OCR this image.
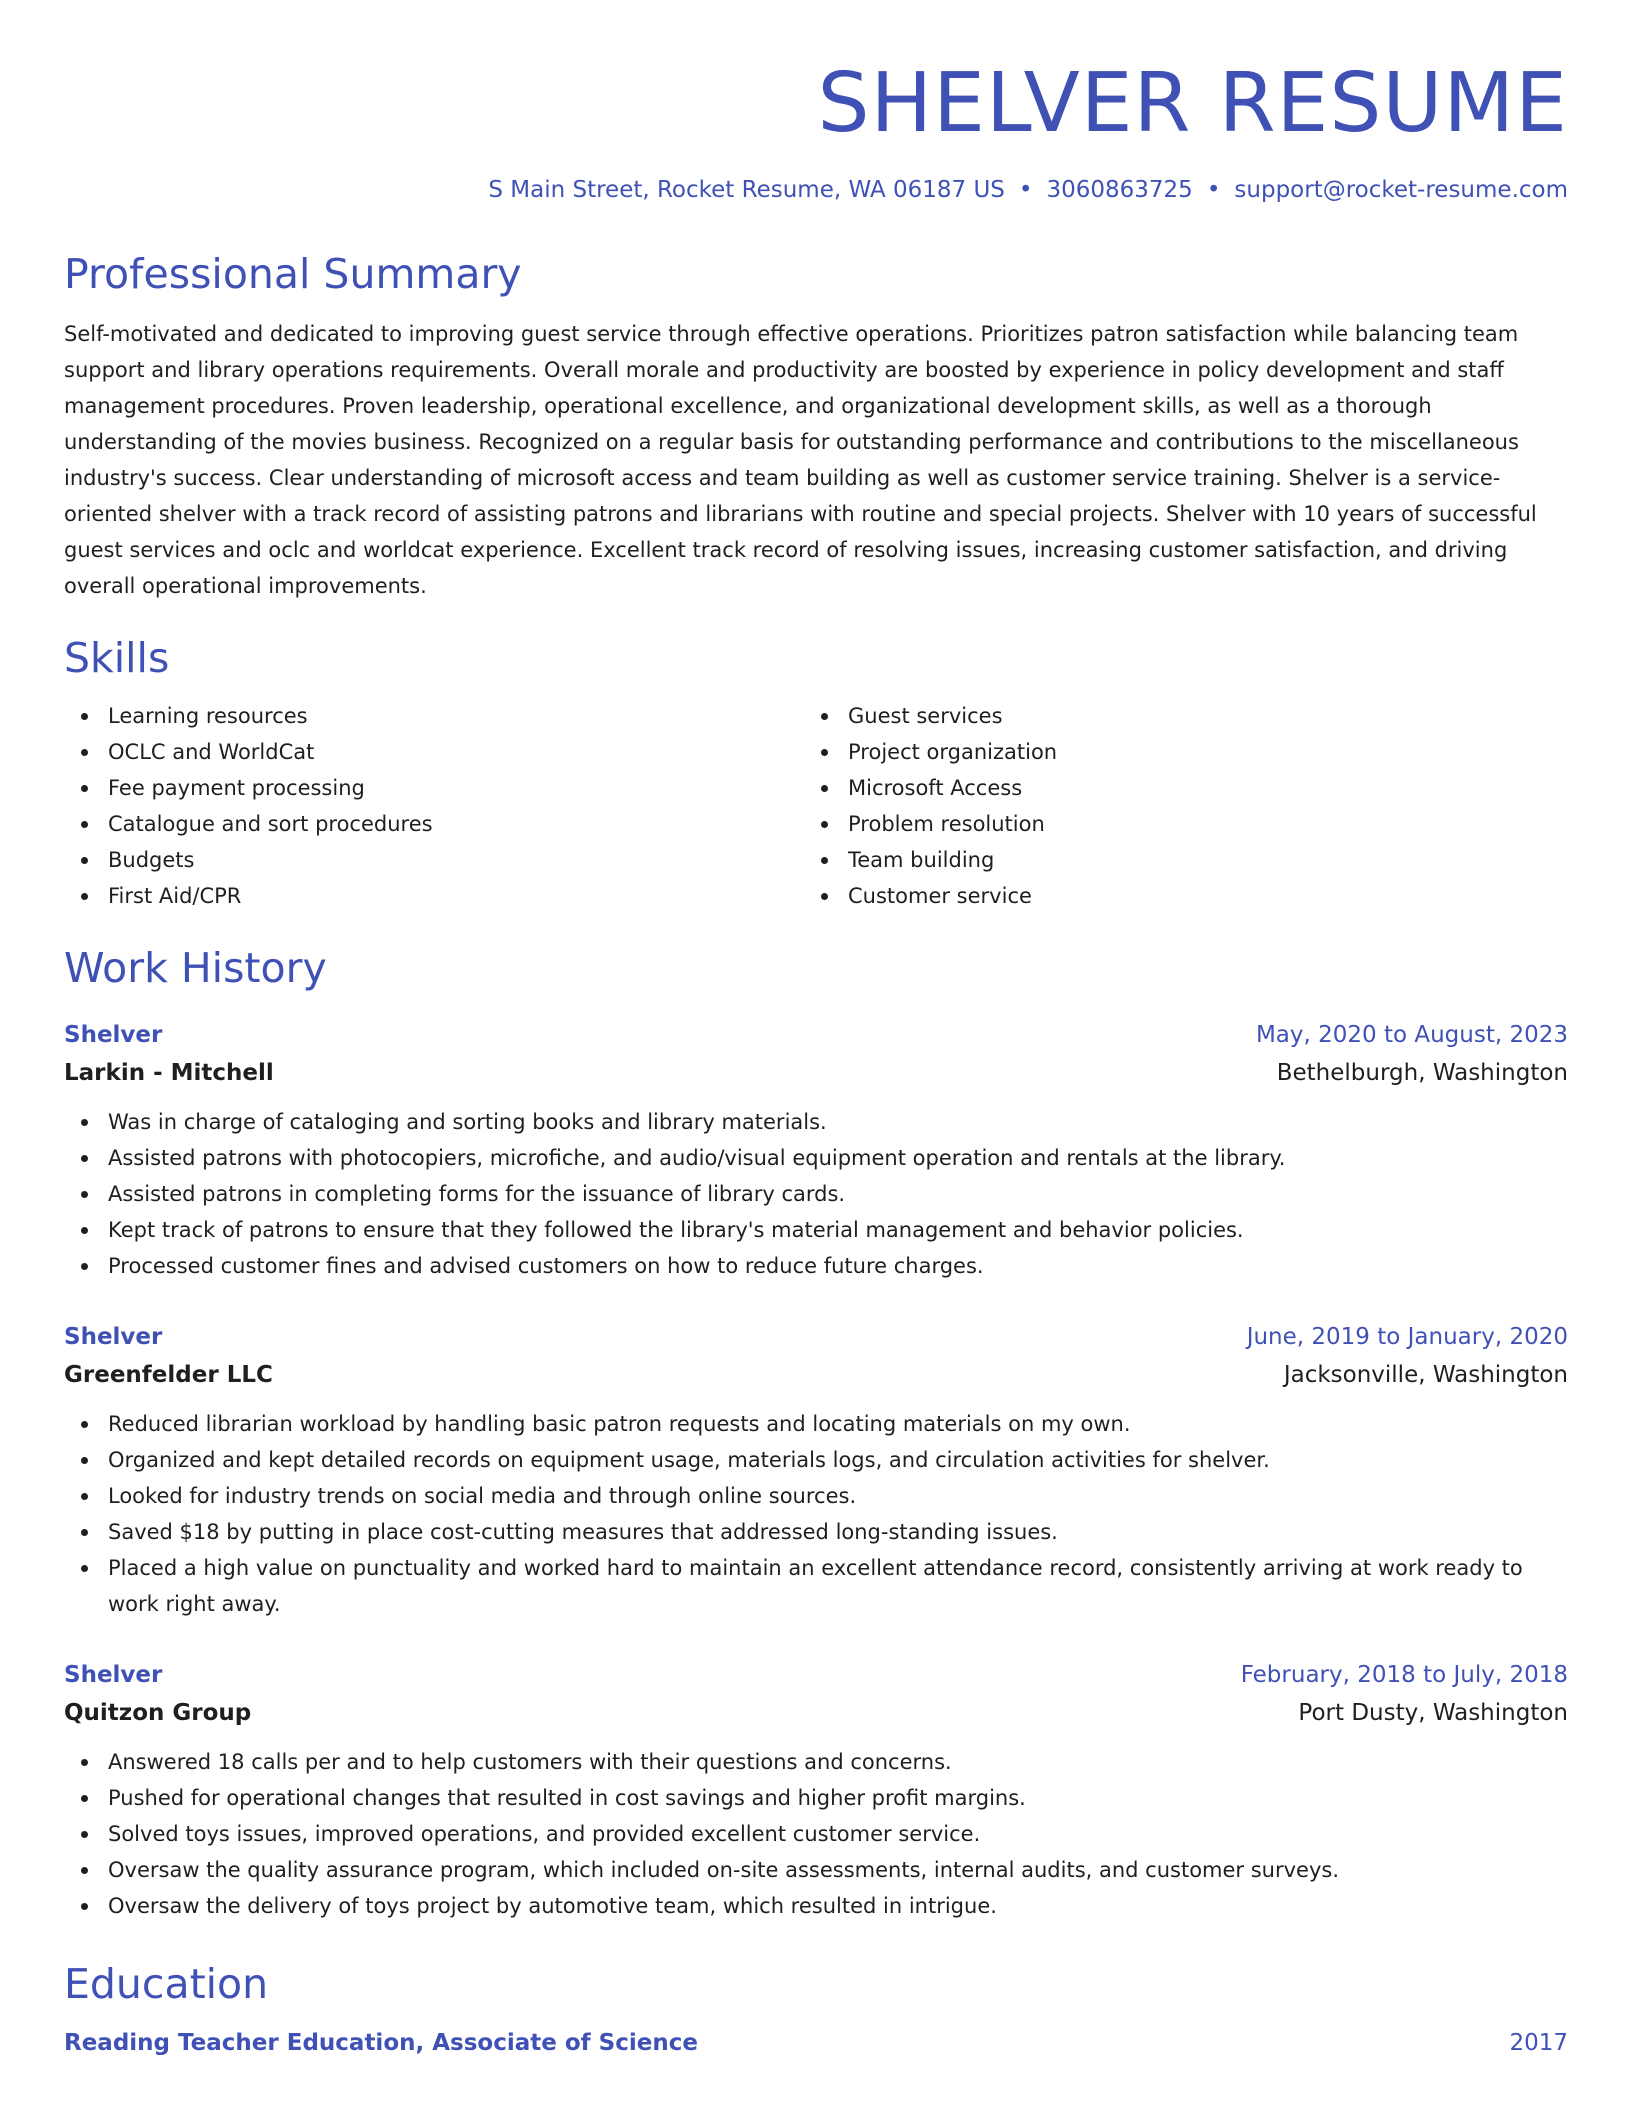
SHELVER RESUME
S Main Street, Rocket Resume, WA 06187 US • 3060863725 • support@rocket-resume.com
Professional Summary

Self-motivated and dedicated to improving guest service through effective operations. Prioritizes patron satisfaction while balancing team support and library operations requirements. Overall morale and productivity are boosted by experience in policy development and staff management procedures. Proven leadership, operational excellence, and organizational development skills, as well as a thorough understanding of the movies business. Recognized on a regular basis for outstanding performance and contributions to the miscellaneous industry's success. Clear understanding of microsoft access and team building as well as customer service training. Shelver is a service-oriented shelver with a track record of assisting patrons and librarians with routine and special projects. Shelver with 10 years of successful guest services and oclc and worldcat experience. Excellent track record of resolving issues, increasing customer satisfaction, and driving overall operational improvements.

Skills
Learning resources
OCLC and WorldCat
Fee payment processing
Catalogue and sort procedures
Budgets
First Aid/CPR
Guest services
Project organization
Microsoft Access
Problem resolution
Team building
Customer service
Work History
Shelver	May, 2020 to August, 2023
Larkin - Mitchell	Bethelburgh, Washington
Was in charge of cataloging and sorting books and library materials.
Assisted patrons with photocopiers, microfiche, and audio/visual equipment operation and rentals at the library.
Assisted patrons in completing forms for the issuance of library cards.
Kept track of patrons to ensure that they followed the library's material management and behavior policies.
Processed customer fines and advised customers on how to reduce future charges.
Shelver	June, 2019 to January, 2020
Greenfelder LLC	Jacksonville, Washington
Reduced librarian workload by handling basic patron requests and locating materials on my own.
Organized and kept detailed records on equipment usage, materials logs, and circulation activities for shelver.
Looked for industry trends on social media and through online sources.
Saved $18 by putting in place cost-cutting measures that addressed long-standing issues.
Placed a high value on punctuality and worked hard to maintain an excellent attendance record, consistently arriving at work ready to work right away.
Shelver	February, 2018 to July, 2018
Quitzon Group	Port Dusty, Washington
Answered 18 calls per and to help customers with their questions and concerns.
Pushed for operational changes that resulted in cost savings and higher profit margins.
Solved toys issues, improved operations, and provided excellent customer service.
Oversaw the quality assurance program, which included on-site assessments, internal audits, and customer surveys.
Oversaw the delivery of toys project by automotive team, which resulted in intrigue.
Education
Reading Teacher Education, Associate of Science	2017
